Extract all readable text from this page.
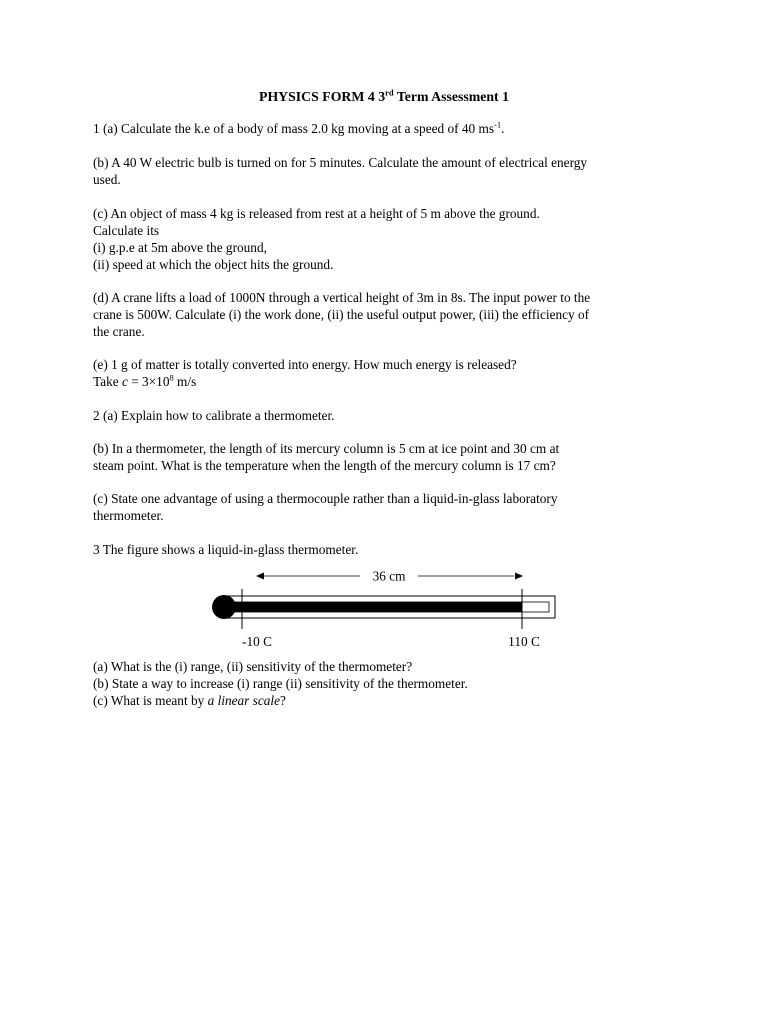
PHYSICS FORM 4 3rd Term Assessment 1
1 (a) Calculate the k.e of a body of mass 2.0 kg moving at a speed of 40 $ms^{-1}$.
(b) A 40 W electric bulb is turned on for 5 minutes. Calculate the amount of electrical energy
used.
(c) An object of mass 4 kg is released from rest at a height of 5 m above the ground.
Calculate its
(i) g.p.e at 5m above the ground,
(ii) speed at which the object hits the ground.
(d) A crane lifts a load of 1000N through a vertical height of 3m in 8s. The input power to the
crane is 500W. Calculate (i) the work done, (ii) the useful output power, (iii) the efficiency of
the crane.
(e) 1 g of matter is totally converted into energy. How much energy is released?
Take $c = 3\times 10^8$ m/s
2 (a) Explain how to calibrate a thermometer.
(b) In a thermometer, the length of its mercury column is 5 cm at ice point and 30 cm at
steam point. What is the temperature when the length of the mercury column is 17 cm?
(c) State one advantage of using a thermocouple rather than a liquid-in-glass laboratory
thermometer.
3 The figure shows a liquid-in-glass thermometer.
36 cm
-10 C	110 C
(a) What is the (i) range, (ii) sensitivity of the thermometer?
(b) State a way to increase (i) range (ii) sensitivity of the thermometer.
(c) What is meant by a linear scale?
